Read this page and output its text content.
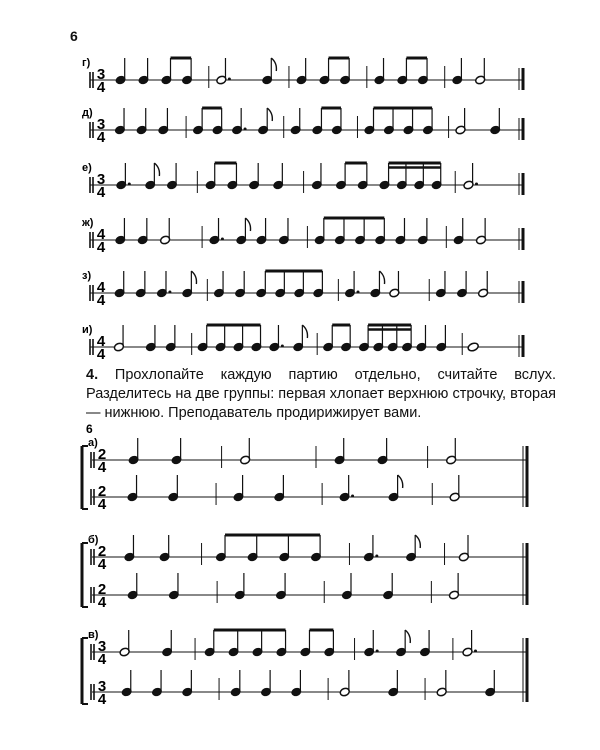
6
г)
3
4
д)
3
4
е)
3
4
ж)
4
4
з)
4
4
и)
4
4
4. Прохлопайте каждую партию отдельно, считайте вслух. Разделитесь на две группы: первая хлопает верхнюю строчку, вторая — нижнюю. Преподаватель продирижирует вами.
6
а)
2
4
2
4
б)
2
4
2
4
в)
3
4
3
4
